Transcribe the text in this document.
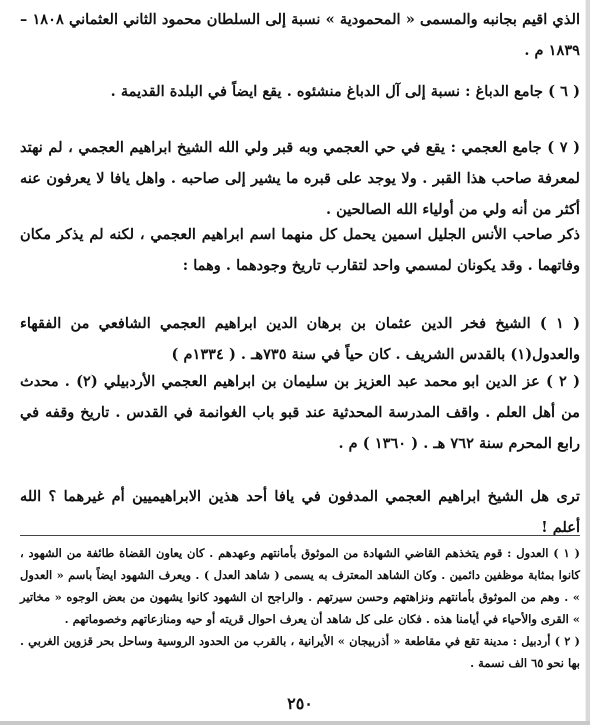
الذي اقيم بجانبه والمسمى « المحمودية » نسبة إلى السلطان محمود الثاني العثماني ١٨٠٨ – ١٨٣٩ م .

( ٦ ) جامع الدباغ : نسبة إلى آل الدباغ منشئوه . يقع ايضاً في البلدة القديمة .

( ٧ ) جامع العجمي : يقع في حي العجمي وبه قبر ولي الله الشيخ ابراهيم العجمي ، لم نهتد لمعرفة صاحب هذا القبر . ولا يوجد على قبره ما يشير إلى صاحبه . واهل يافا لا يعرفون عنه أكثر من أنه ولي من أولياء الله الصالحين .

ذكر صاحب الأنس الجليل اسمين يحمل كل منهما اسم ابراهيم العجمي ، لكنه لم يذكر مكان وفاتهما . وقد يكونان لمسمي واحد لتقارب تاريخ وجودهما . وهما :

( ١ ) الشيخ فخر الدين عثمان بن برهان الدين ابراهيم العجمي الشافعي من الفقهاء والعدول(١) بالقدس الشريف . كان حياً في سنة ٧٣٥هـ . ( ١٣٣٤م )

( ٢ ) عز الدين ابو محمد عبد العزيز بن سليمان بن ابراهيم العجمي الأردبيلي (٢) . محدث من أهل العلم . واقف المدرسة المحدثية عند قبو باب الغوانمة في القدس . تاريخ وقفه في رابع المحرم سنة ٧٦٢ هـ . ( ١٣٦٠ ) م .

ترى هل الشيخ ابراهيم العجمي المدفون في يافا أحد هذين الابراهيميين أم غيرهما ؟ الله أعلم !

( ١ ) العدول : قوم يتخذهم القاضي الشهادة من الموثوق بأمانتهم وعهدهم . كان يعاون القضاة طائفة من الشهود ، كانوا بمثابة موظفين دائمين . وكان الشاهد المعترف به يسمى ( شاهد العدل ) . ويعرف الشهود ايضاً باسم « العدول » . وهم من الموثوق بأمانتهم ونزاهتهم وحسن سيرتهم . والراجح ان الشهود كانوا يشهون من بعض الوجوه « مخاتير » القرى والأحياء في أيامنا هذه . فكان على كل شاهد أن يعرف احوال قريته أو حيه ومنازعاتهم وخصوماتهم .

( ٢ ) أردبيل : مدينة تقع في مقاطعة « أذربيجان » الأيرانية ، بالقرب من الحدود الروسية وساحل بحر قزوين الغربي . بها نحو ٦٥ الف نسمة .

٢٥٠
